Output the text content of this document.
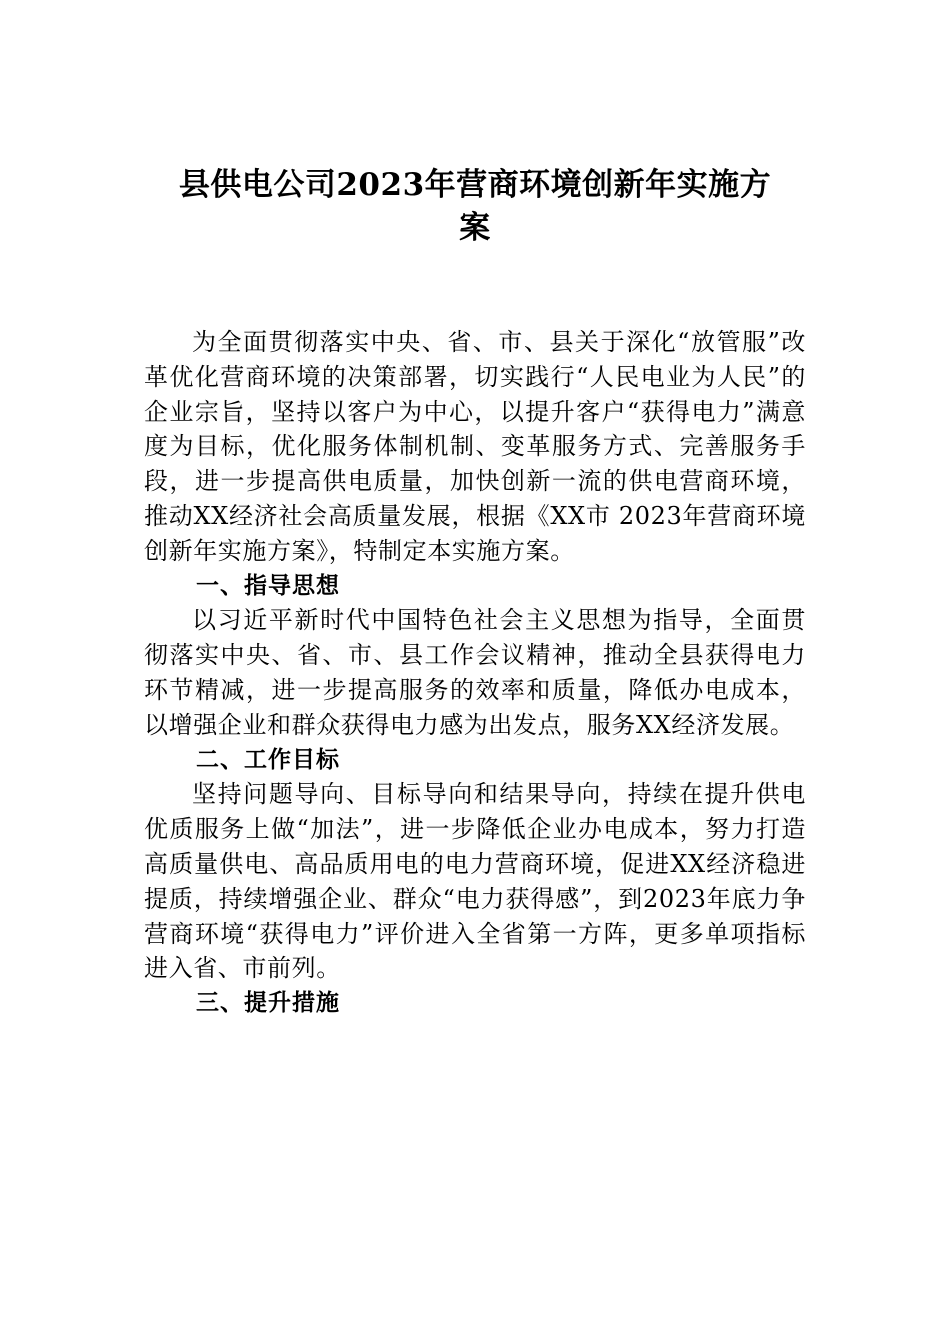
县供电公司2023年营商环境创新年实施方
案

为全面贯彻落实中央、省、市、县关于深化“放管服”改革优化营商环境的决策部署，切实践行“人民电业为人民”的企业宗旨，坚持以客户为中心，以提升客户“获得电力”满意度为目标，优化服务体制机制、变革服务方式、完善服务手段，进一步提高供电质量，加快创新一流的供电营商环境，推动XX经济社会高质量发展，根据《XX市 2023年营商环境创新年实施方案》，特制定本实施方案。

一、指导思想

以习近平新时代中国特色社会主义思想为指导，全面贯彻落实中央、省、市、县工作会议精神，推动全县获得电力环节精减，进一步提高服务的效率和质量，降低办电成本，以增强企业和群众获得电力感为出发点，服务XX经济发展。

二、工作目标

坚持问题导向、目标导向和结果导向，持续在提升供电优质服务上做“加法”，进一步降低企业办电成本，努力打造高质量供电、高品质用电的电力营商环境，促进XX经济稳进提质，持续增强企业、群众“电力获得感”，到2023年底力争营商环境“获得电力”评价进入全省第一方阵，更多单项指标进入省、市前列。

三、提升措施
